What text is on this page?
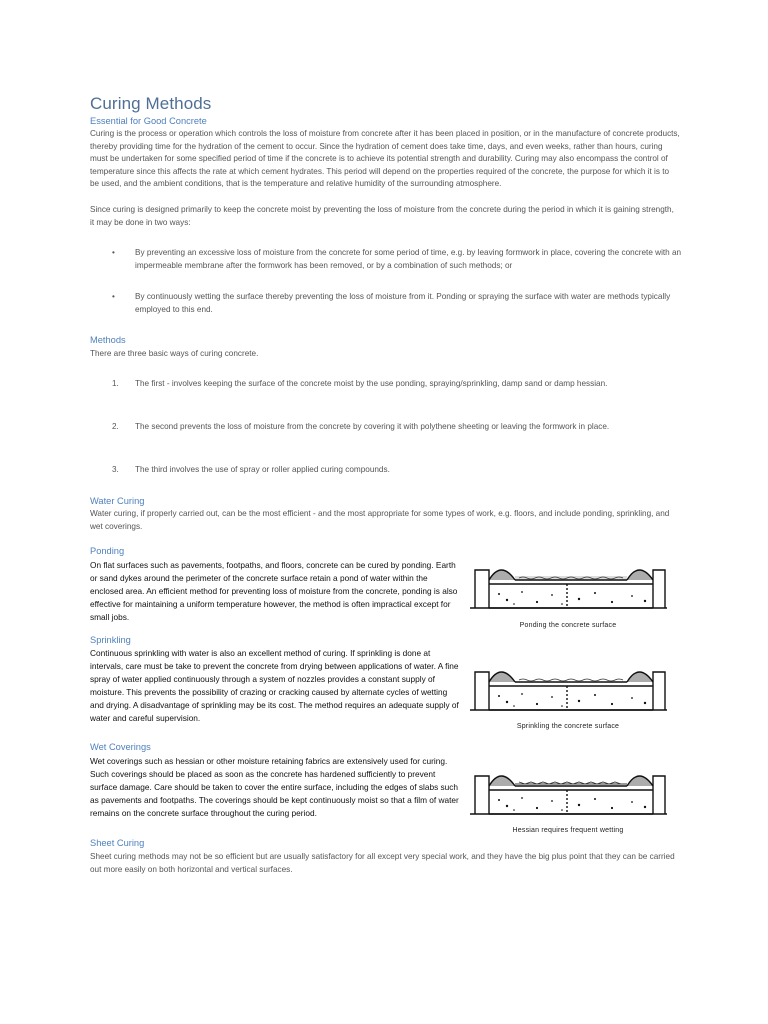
Curing Methods
Essential for Good Concrete

Curing is the process or operation which controls the loss of moisture from concrete after it has been placed in position, or in the manufacture of concrete products, thereby providing time for the hydration of the cement to occur. Since the hydration of cement does take time, days, and even weeks, rather than hours, curing must be undertaken for some specified period of time if the concrete is to achieve its potential strength and durability. Curing may also encompass the control of temperature since this affects the rate at which cement hydrates. This period will depend on the properties required of the concrete, the purpose for which it is to be used, and the ambient conditions, that is the temperature and relative humidity of the surrounding atmosphere.

Since curing is designed primarily to keep the concrete moist by preventing the loss of moisture from the concrete during the period in which it is gaining strength, it may be done in two ways:

•	By preventing an excessive loss of moisture from the concrete for some period of time, e.g. by leaving formwork in place, covering the concrete with an impermeable membrane after the formwork has been removed, or by a combination of such methods; or
•	By continuously wetting the surface thereby preventing the loss of moisture from it. Ponding or spraying the surface with water are methods typically employed to this end.
Methods

There are three basic ways of curing concrete.

1.	The first - involves keeping the surface of the concrete moist by the use ponding, spraying/sprinkling, damp sand or damp hessian.
2.	The second prevents the loss of moisture from the concrete by covering it with polythene sheeting or leaving the formwork in place.
3.	The third involves the use of spray or roller applied curing compounds.
Water Curing

Water curing, if properly carried out, can be the most efficient - and the most appropriate for some types of work, e.g. floors, and include ponding, sprinkling, and wet coverings.

Ponding

On flat surfaces such as pavements, footpaths, and floors, concrete can be cured by ponding. Earth or sand dykes around the perimeter of the concrete surface retain a pond of water within the enclosed area. An efficient method for preventing loss of moisture from the concrete, ponding is also effective for maintaining a uniform temperature however, the method is often impractical except for small jobs.

Sprinkling

Continuous sprinkling with water is also an excellent method of curing. If sprinkling is done at intervals, care must be take to prevent the concrete from drying between applications of water. A fine spray of water applied continuously through a system of nozzles provides a constant supply of moisture. This prevents the possibility of crazing or cracking caused by alternate cycles of wetting and drying. A disadvantage of sprinkling may be its cost. The method requires an adequate supply of water and careful supervision.

Wet Coverings

Wet coverings such as hessian or other moisture retaining fabrics are extensively used for curing. Such coverings should be placed as soon as the concrete has hardened sufficiently to prevent surface damage. Care should be taken to cover the entire surface, including the edges of slabs such as pavements and footpaths. The coverings should be kept continuously moist so that a film of water remains on the concrete surface throughout the curing period.

Sheet Curing

Sheet curing methods may not be so efficient but are usually satisfactory for all except very special work, and they have the big plus point that they can be carried out more easily on both horizontal and vertical surfaces.

Ponding the concrete surface
Sprinkling the concrete surface
Hessian requires frequent wetting
